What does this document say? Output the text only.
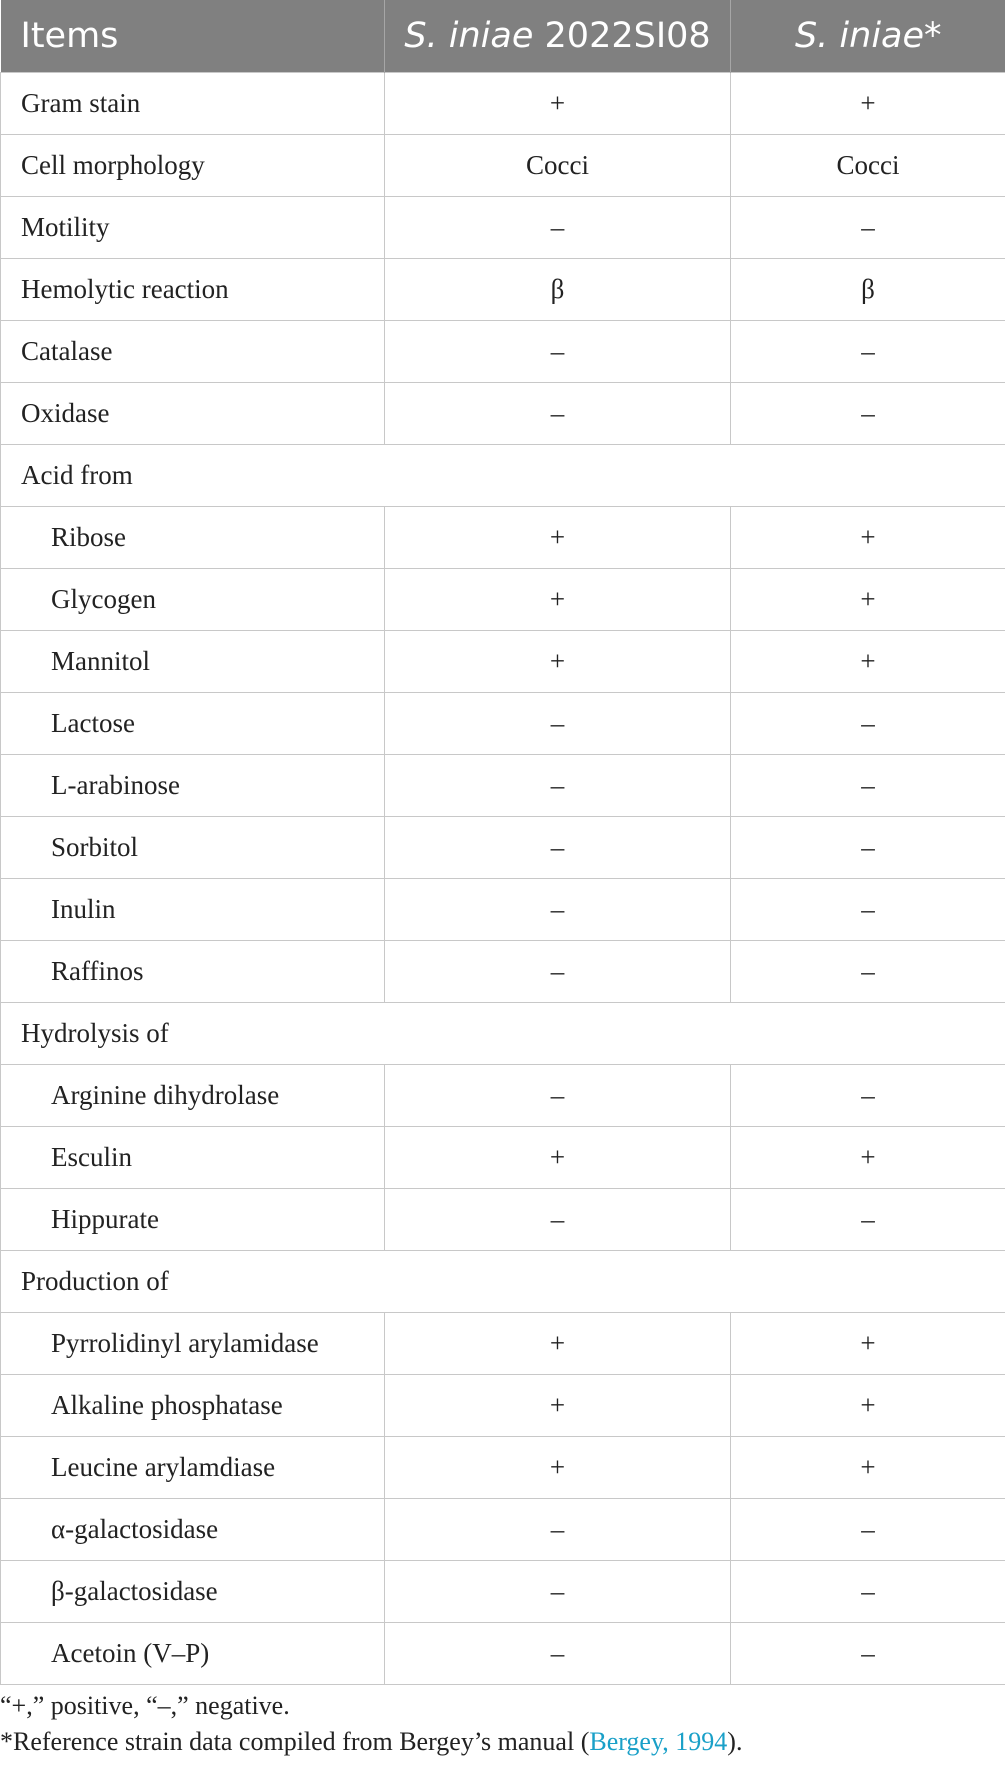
Items	S. iniae 2022SI08	S. iniae*
Gram stain	+	+
Cell morphology	Cocci	Cocci
Motility	–	–
Hemolytic reaction	β	β
Catalase	–	–
Oxidase	–	–
Acid from		
Ribose	+	+
Glycogen	+	+
Mannitol	+	+
Lactose	–	–
L-arabinose	–	–
Sorbitol	–	–
Inulin	–	–
Raffinos	–	–
Hydrolysis of		
Arginine dihydrolase	–	–
Esculin	+	+
Hippurate	–	–
Production of		
Pyrrolidinyl arylamidase	+	+
Alkaline phosphatase	+	+
Leucine arylamdiase	+	+
α-galactosidase	–	–
β-galactosidase	–	–
Acetoin (V–P)	–	–
“+,” positive, “–,” negative.
*Reference strain data compiled from Bergey’s manual (Bergey, 1994).
